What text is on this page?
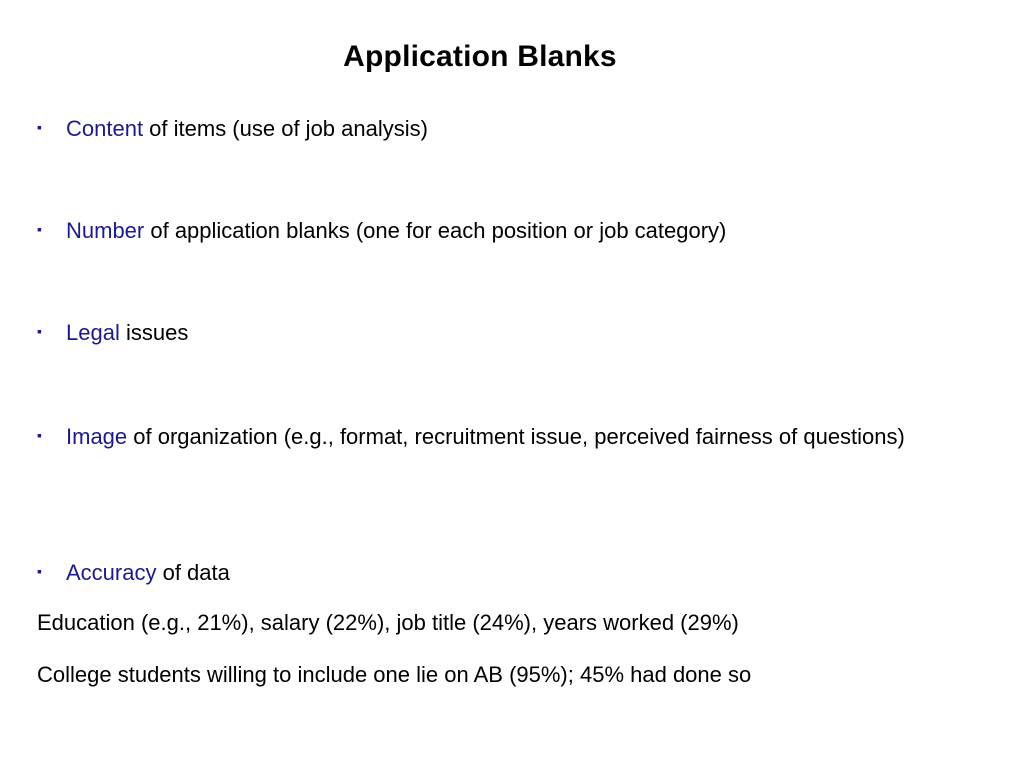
Application Blanks
▪ Content of items (use of job analysis)
▪ Number of application blanks (one for each position or job category)
▪ Legal issues
▪ Image of organization (e.g., format, recruitment issue, perceived fairness of questions)
▪ Accuracy of data
Education (e.g., 21%), salary (22%), job title (24%), years worked (29%)
College students willing to include one lie on AB (95%); 45% had done so
